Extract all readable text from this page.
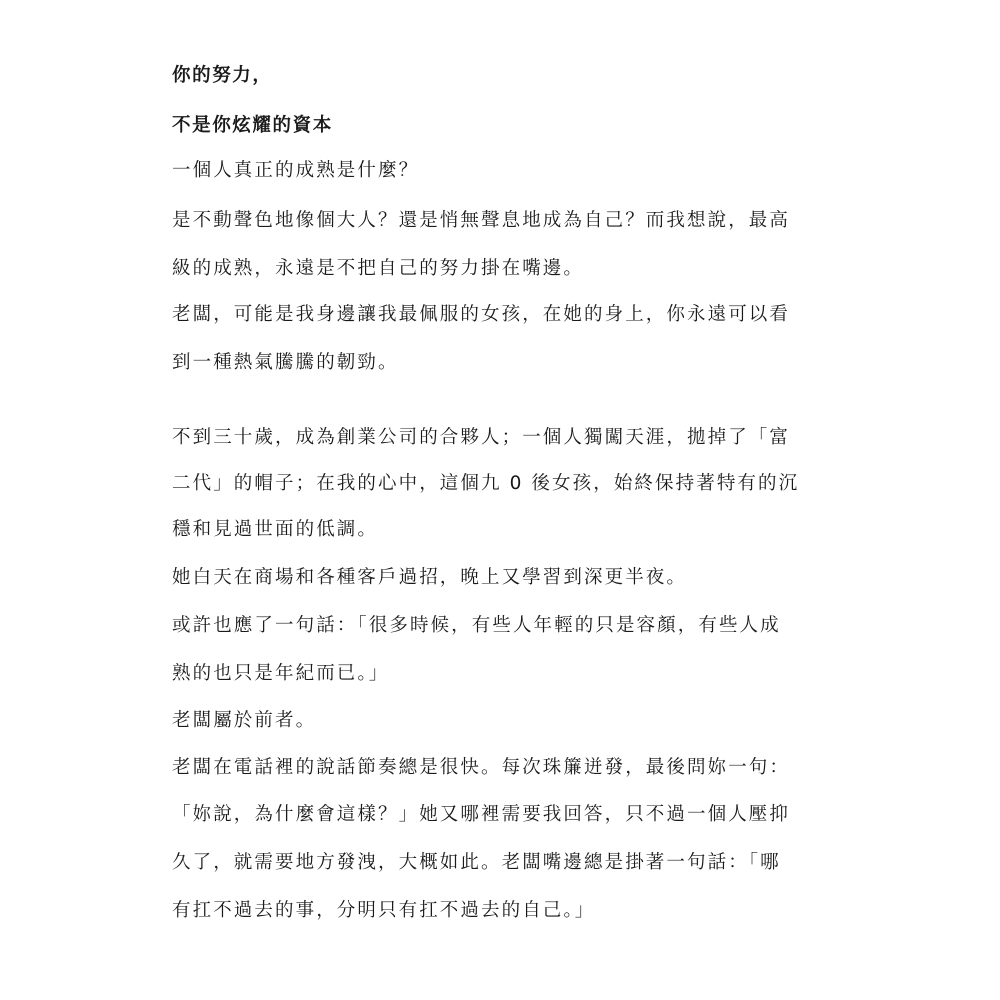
你的努力，
不是你炫耀的資本
一個人真正的成熟是什麼？
是不動聲色地像個大人？還是悄無聲息地成為自己？而我想說，最高
級的成熟，永遠是不把自己的努力掛在嘴邊。
老闆，可能是我身邊讓我最佩服的女孩，在她的身上，你永遠可以看
到一種熱氣騰騰的韌勁。
不到三十歲，成為創業公司的合夥人；一個人獨闖天涯，拋掉了「富
二代」的帽子；在我的心中，這個九 0 後女孩，始終保持著特有的沉
穩和見過世面的低調。
她白天在商場和各種客戶過招，晚上又學習到深更半夜。
或許也應了一句話：「很多時候，有些人年輕的只是容顏，有些人成
熟的也只是年紀而已。」
老闆屬於前者。
老闆在電話裡的說話節奏總是很快。每次珠簾迸發，最後問妳一句：
「妳說，為什麼會這樣？」她又哪裡需要我回答，只不過一個人壓抑
久了，就需要地方發洩，大概如此。老闆嘴邊總是掛著一句話：「哪
有扛不過去的事，分明只有扛不過去的自己。」
